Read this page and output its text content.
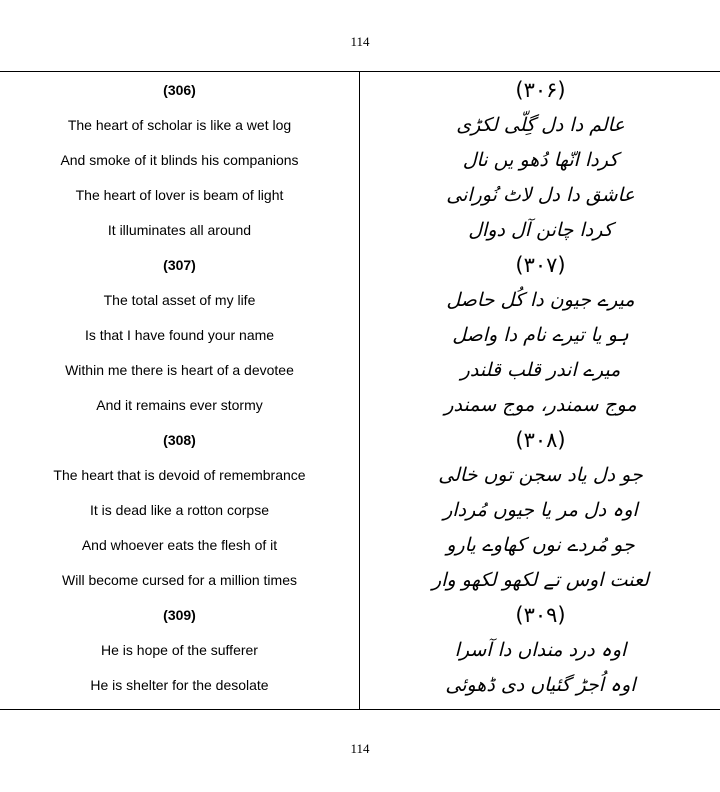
114
(306)
The heart of scholar is like a wet log
And smoke of it blinds his companions
The heart of lover is beam of light
It illuminates all around
(307)
The total asset of my life
Is that I have found your name
Within me there is heart of a devotee
And it remains ever stormy
(308)
The heart that is devoid of remembrance
It is dead like a rotton corpse
And whoever eats the flesh of it
Will become cursed for a million times
(309)
He is hope of the sufferer
He is shelter for the desolate
(۳۰۶)
عالم دا دل گِلّی لکڑی
کردا انّھا دُھو یں نال
عاشق دا دل لاٹ نُورانی
کردا چانن آل دوال
(۳۰۷)
میرے جیون دا کُل حاصل
ہو یا تیرے نام دا واصل
میرے اندر قلب قلندر
موج سمندر، موج سمندر
(۳۰۸)
جو دل یاد سجن توں خالی
اوہ دل مر یا جیوں مُردار
جو مُردے نوں کھاوے یارو
لعنت اوس تے لکھو لکھو وار
(۳۰۹)
اوہ درد منداں دا آسرا
اوہ اُجڑ گئیاں دی ڈھوئی
114
